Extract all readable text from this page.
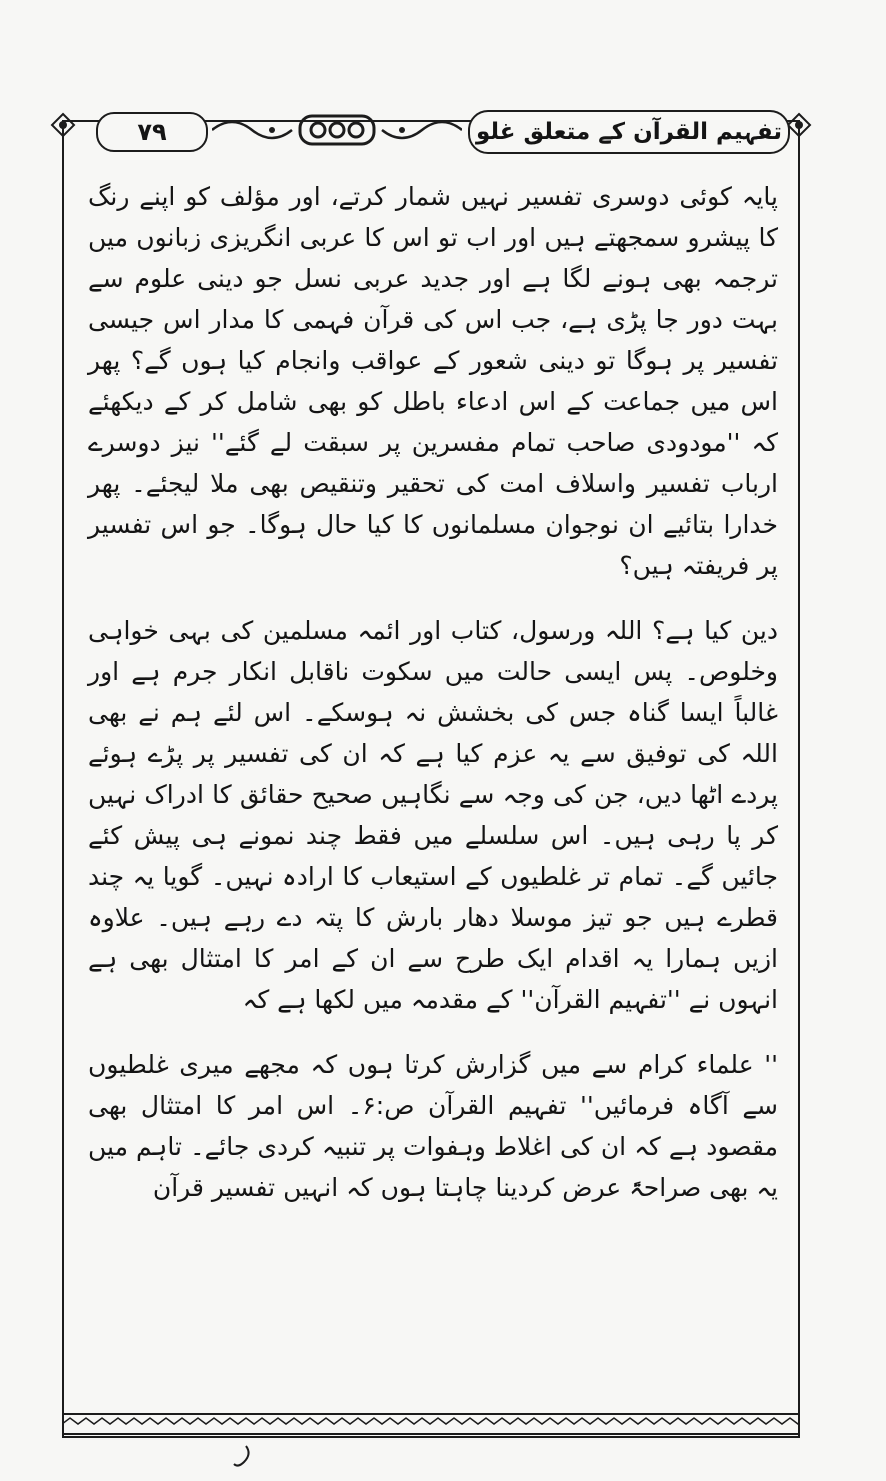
۷۹	تفہیم القرآن کے متعلق غلو

پایہ کوئی دوسری تفسیر نہیں شمار کرتے، اور مؤلف کو اپنے رنگ کا پیشرو سمجھتے ہیں اور اب تو اس کا عربی انگریزی زبانوں میں ترجمہ بھی ہونے لگا ہے اور جدید عربی نسل جو دینی علوم سے بہت دور جا پڑی ہے، جب اس کی قرآن فہمی کا مدار اس جیسی تفسیر پر ہوگا تو دینی شعور کے عواقب وانجام کیا ہوں گے؟ پھر اس میں جماعت کے اس ادعاء باطل کو بھی شامل کر کے دیکھئے کہ ''مودودی صاحب تمام مفسرین پر سبقت لے گئے'' نیز دوسرے ارباب تفسیر واسلاف امت کی تحقیر وتنقیص بھی ملا لیجئے۔ پھر خدارا بتائیے ان نوجوان مسلمانوں کا کیا حال ہوگا۔ جو اس تفسیر پر فریفتہ ہیں؟

دین کیا ہے؟ اللہ ورسول، کتاب اور ائمہ مسلمین کی بہی خواہی وخلوص۔ پس ایسی حالت میں سکوت ناقابل انکار جرم ہے اور غالباً ایسا گناہ جس کی بخشش نہ ہوسکے۔ اس لئے ہم نے بھی اللہ کی توفیق سے یہ عزم کیا ہے کہ ان کی تفسیر پر پڑے ہوئے پردے اٹھا دیں، جن کی وجہ سے نگاہیں صحیح حقائق کا ادراک نہیں کر پا رہی ہیں۔ اس سلسلے میں فقط چند نمونے ہی پیش کئے جائیں گے۔ تمام تر غلطیوں کے استیعاب کا ارادہ نہیں۔ گویا یہ چند قطرے ہیں جو تیز موسلا دھار بارش کا پتہ دے رہے ہیں۔ علاوہ ازیں ہمارا یہ اقدام ایک طرح سے ان کے امر کا امتثال بھی ہے انہوں نے ''تفہیم القرآن'' کے مقدمہ میں لکھا ہے کہ

'' علماء کرام سے میں گزارش کرتا ہوں کہ مجھے میری غلطیوں سے آگاہ فرمائیں'' تفہیم القرآن ص:۶۔ اس امر کا امتثال بھی مقصود ہے کہ ان کی اغلاط وہفوات پر تنبیہ کردی جائے۔ تاہم میں یہ بھی صراحۃً عرض کردینا چاہتا ہوں کہ انہیں تفسیر قرآن
